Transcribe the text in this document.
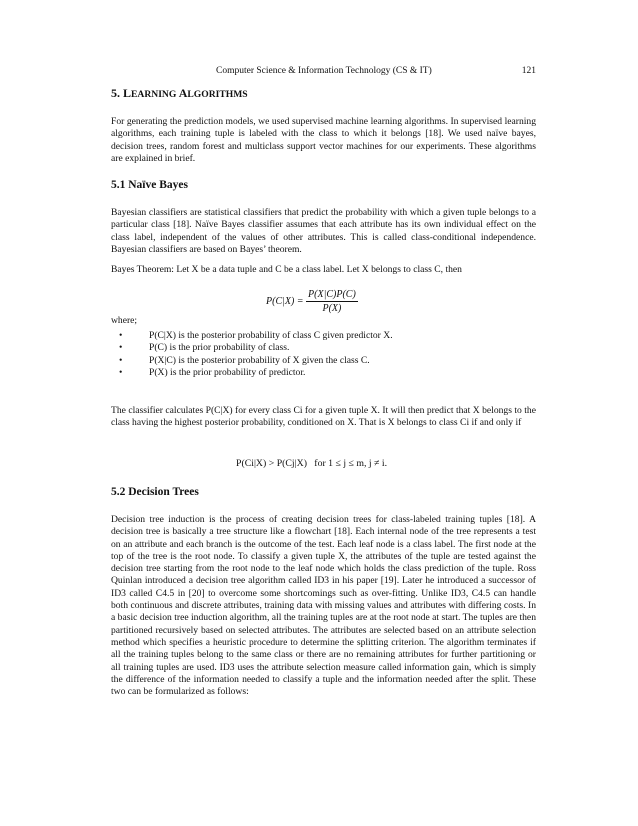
Computer Science & Information Technology (CS & IT)	121
5. LEARNING ALGORITHMS

For generating the prediction models, we used supervised machine learning algorithms. In supervised learning algorithms, each training tuple is labeled with the class to which it belongs [18]. We used naïve bayes, decision trees, random forest and multiclass support vector machines for our experiments. These algorithms are explained in brief.

5.1 Naïve Bayes

Bayesian classifiers are statistical classifiers that predict the probability with which a given tuple belongs to a particular class [18]. Naïve Bayes classifier assumes that each attribute has its own individual effect on the class label, independent of the values of other attributes. This is called class-conditional independence. Bayesian classifiers are based on Bayes’ theorem.

Bayes Theorem: Let X be a data tuple and C be a class label. Let X belongs to class C, then

$P(C|X) = \frac{P(X|C)P(C)}{P(X)}$

where;

•	P(C|X) is the posterior probability of class C given predictor X.
•	P(C) is the prior probability of class.
•	P(X|C) is the posterior probability of X given the class C.
•	P(X) is the prior probability of predictor.

The classifier calculates P(C|X) for every class Ci for a given tuple X. It will then predict that X belongs to the class having the highest posterior probability, conditioned on X. That is X belongs to class Ci if and only if

P(Ci|X) > P(Cj|X)   for 1 ≤ j ≤ m, j ≠ i.
5.2 Decision Trees

Decision tree induction is the process of creating decision trees for class-labeled training tuples [18]. A decision tree is basically a tree structure like a flowchart [18]. Each internal node of the tree represents a test on an attribute and each branch is the outcome of the test. Each leaf node is a class label. The first node at the top of the tree is the root node. To classify a given tuple X, the attributes of the tuple are tested against the decision tree starting from the root node to the leaf node which holds the class prediction of the tuple. Ross Quinlan introduced a decision tree algorithm called ID3 in his paper [19]. Later he introduced a successor of ID3 called C4.5 in [20] to overcome some shortcomings such as over-fitting. Unlike ID3, C4.5 can handle both continuous and discrete attributes, training data with missing values and attributes with differing costs. In a basic decision tree induction algorithm, all the training tuples are at the root node at start. The tuples are then partitioned recursively based on selected attributes. The attributes are selected based on an attribute selection method which specifies a heuristic procedure to determine the splitting criterion. The algorithm terminates if all the training tuples belong to the same class or there are no remaining attributes for further partitioning or all training tuples are used. ID3 uses the attribute selection measure called information gain, which is simply the difference of the information needed to classify a tuple and the information needed after the split. These two can be formularized as follows:
